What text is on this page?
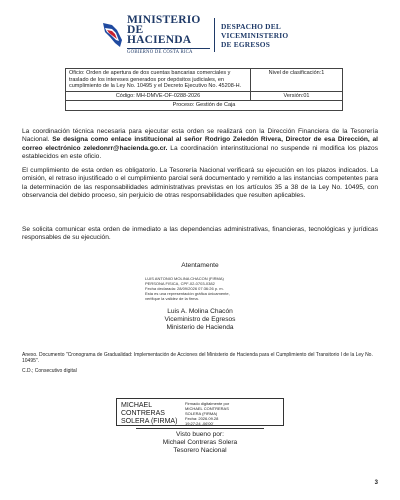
MINISTERIO
DE HACIENDA
GOBIERNO DE COSTA RICA
DESPACHO DEL
VICEMINISTERIO
DE EGRESOS
Oficio: Orden de apertura de dos cuentas bancarias comerciales y traslado de los intereses generados por depósitos judiciales, en cumplimiento de la Ley No. 10495 y el Decreto Ejecutivo No. 45208-H.	Nivel de clasificación:1
Código: MH-DMVE-OF-0288-2026	Versión:01
Proceso: Gestión de Caja	

La coordinación técnica necesaria para ejecutar esta orden se realizará con la Dirección Financiera de la Tesorería Nacional. Se designa como enlace institucional al señor Rodrigo Zeledón Rivera, Director de esa Dirección, al correo electrónico zeledonrr@hacienda.go.cr. La coordinación interinstitucional no suspende ni modifica los plazos establecidos en este oficio.

El cumplimiento de esta orden es obligatorio. La Tesorería Nacional verificará su ejecución en los plazos indicados. La omisión, el retraso injustificado o el cumplimiento parcial será documentado y remitido a las instancias competentes para la determinación de las responsabilidades administrativas previstas en los artículos 35 a 38 de la Ley No. 10495, con observancia del debido proceso, sin perjuicio de otras responsabilidades que resulten aplicables.

Se solicita comunicar esta orden de inmediato a las dependencias administrativas, financieras, tecnológicas y jurídicas responsables de su ejecución.

Atentamente
LUIS ANTONIO MOLINA CHACON (FIRMA)
PERSONA FISICA, CPF-02-0703-0382
Fecha declarada: 28/09/2026 07:36:26 p. m.
Esta es una representación gráfica únicamente,
verifique la validez de la firma.
Luis A. Molina Chacón
Viceministro de Egresos
Ministerio de Hacienda
Anexo. Documento "Cronograma de Gradualidad: Implementación de Acciones del Ministerio de Hacienda para el Cumplimiento del Transitorio I de la Ley No. 10495".
C.D.; Consecutivo digital
MICHAEL
CONTRERAS
SOLERA (FIRMA)
Firmado digitalmente por
MICHAEL CONTRERAS
SOLERA (FIRMA)
Fecha: 2026.09.28
19:27:24 -06'00'
Visto bueno por:
Michael Contreras Solera
Tesorero Nacional
3
